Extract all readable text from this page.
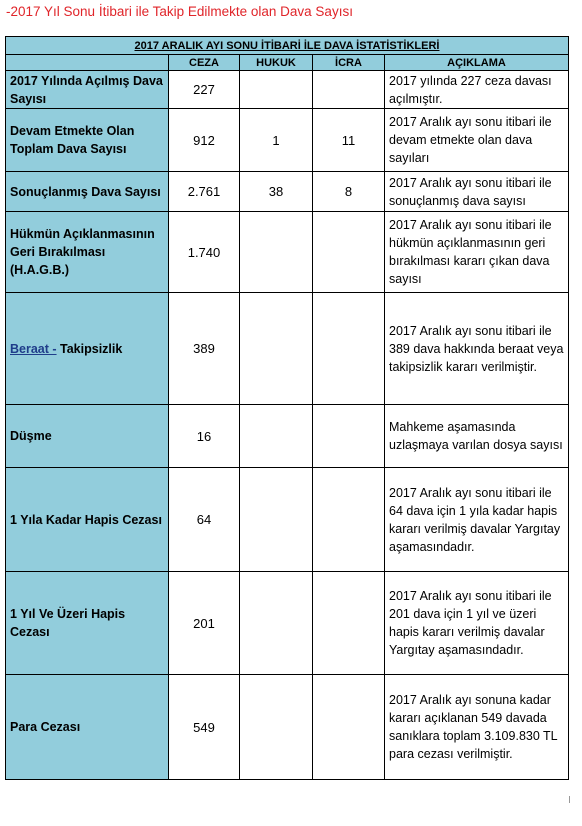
-2017 Yıl Sonu İtibari ile Takip Edilmekte olan Dava Sayısı
2017 ARALIK AYI SONU İTİBARİ İLE DAVA İSTATİSTİKLERİ				
	CEZA	HUKUK	İCRA	AÇIKLAMA
2017 Yılında Açılmış Dava Sayısı	227			2017 yılında 227 ceza davası açılmıştır.
Devam Etmekte Olan Toplam Dava Sayısı	912	1	11	2017 Aralık ayı sonu itibari ile devam etmekte olan dava sayıları
Sonuçlanmış Dava Sayısı	2.761	38	8	2017 Aralık ayı sonu itibari ile sonuçlanmış dava sayısı
Hükmün Açıklanmasının Geri Bırakılması (H.A.G.B.)	1.740			2017 Aralık ayı sonu itibari ile hükmün açıklanmasının geri bırakılması kararı çıkan dava sayısı
Beraat - Takipsizlik	389			2017 Aralık ayı sonu itibari ile 389 dava hakkında beraat veya takipsizlik kararı verilmiştir.
Düşme	16			Mahkeme aşamasında uzlaşmaya varılan dosya sayısı
1 Yıla Kadar Hapis Cezası	64			2017 Aralık ayı sonu itibari ile 64 dava için 1 yıla kadar hapis kararı verilmiş davalar Yargıtay aşamasındadır.
1 Yıl Ve Üzeri Hapis Cezası	201			2017 Aralık ayı sonu itibari ile 201 dava için 1 yıl ve üzeri hapis kararı verilmiş davalar Yargıtay aşamasındadır.
Para Cezası	549			2017 Aralık ayı sonuna kadar kararı açıklanan 549 davada sanıklara toplam 3.109.830 TL para cezası verilmiştir.
